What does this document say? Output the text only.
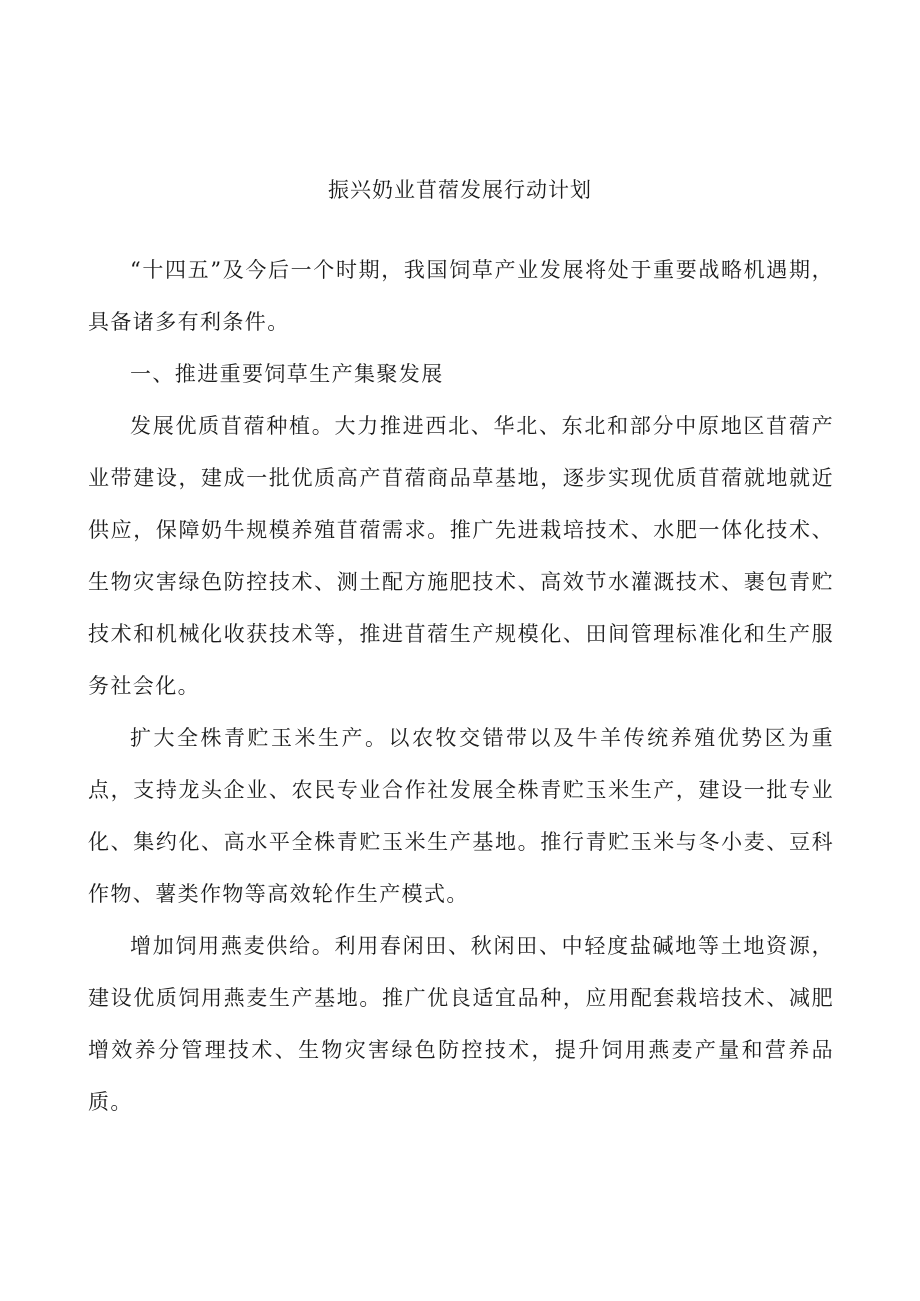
振兴奶业苜蓿发展行动计划

“十四五”及今后一个时期，我国饲草产业发展将处于重要战略机遇期，具备诸多有利条件。

一、推进重要饲草生产集聚发展

发展优质苜蓿种植。大力推进西北、华北、东北和部分中原地区苜蓿产业带建设，建成一批优质高产苜蓿商品草基地，逐步实现优质苜蓿就地就近供应，保障奶牛规模养殖苜蓿需求。推广先进栽培技术、水肥一体化技术、生物灾害绿色防控技术、测土配方施肥技术、高效节水灌溉技术、裹包青贮技术和机械化收获技术等，推进苜蓿生产规模化、田间管理标准化和生产服务社会化。

扩大全株青贮玉米生产。以农牧交错带以及牛羊传统养殖优势区为重点，支持龙头企业、农民专业合作社发展全株青贮玉米生产，建设一批专业化、集约化、高水平全株青贮玉米生产基地。推行青贮玉米与冬小麦、豆科作物、薯类作物等高效轮作生产模式。

增加饲用燕麦供给。利用春闲田、秋闲田、中轻度盐碱地等土地资源，建设优质饲用燕麦生产基地。推广优良适宜品种，应用配套栽培技术、减肥增效养分管理技术、生物灾害绿色防控技术，提升饲用燕麦产量和营养品质。
